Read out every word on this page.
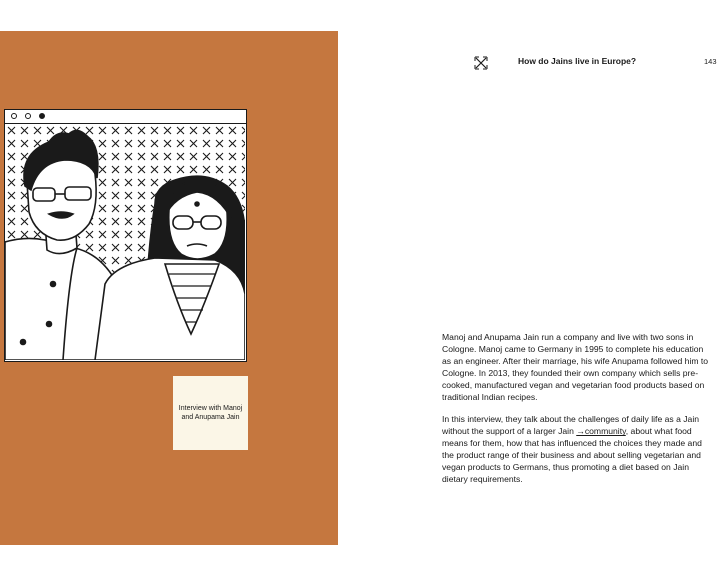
Interview with Manoj and Anupama Jain
How do Jains live in Europe?	143

Manoj and Anupama Jain run a company and live with two sons in Cologne. Manoj came to Germany in 1995 to complete his education as an engineer. After their marriage, his wife Anupama followed him to Cologne. In 2013, they founded their own company which sells pre-cooked, manufactured vegan and vegetarian food products based on traditional Indian recipes.

In this interview, they talk about the challenges of daily life as a Jain without the support of a larger Jain →community, about what food means for them, how that has influenced the choices they made and the product range of their business and about selling vegetarian and vegan products to Germans, thus promoting a diet based on Jain dietary requirements.
